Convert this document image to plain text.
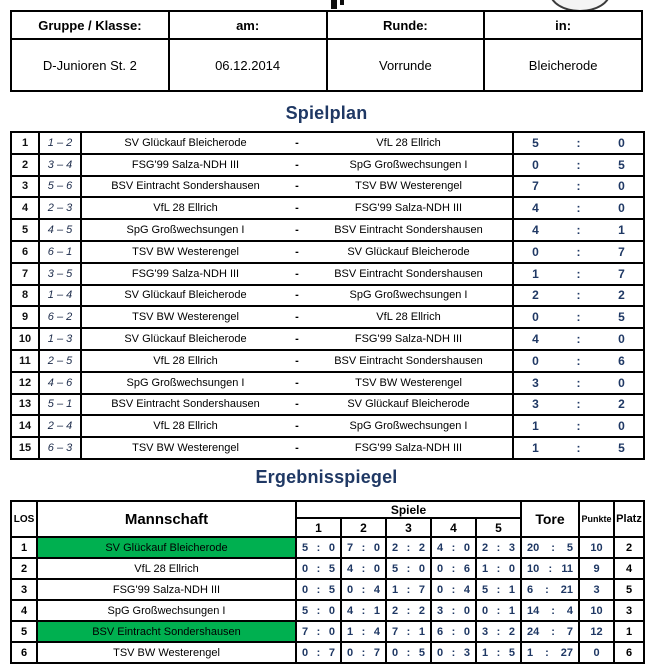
Gruppe / Klasse:	am:	Runde:	in:
D-Junioren St. 2	06.12.2014	Vorrunde	Bleicherode
Spielplan
1	1 – 2	SV Glückauf Bleicherode - VfL 28 Ellrich	5 : 0

2	3 – 4	FSG'99 Salza-NDH III - SpG Großwechsungen I	0 : 5

3	5 – 6	BSV Eintracht Sondershausen - TSV BW Westerengel	7 : 0

4	2 – 3	VfL 28 Ellrich - FSG'99 Salza-NDH III	4 : 0

5	4 – 5	SpG Großwechsungen I - BSV Eintracht Sondershausen	4 : 1

6	6 – 1	TSV BW Westerengel - SV Glückauf Bleicherode	0 : 7

7	3 – 5	FSG'99 Salza-NDH III - BSV Eintracht Sondershausen	1 : 7

8	1 – 4	SV Glückauf Bleicherode - SpG Großwechsungen I	2 : 2

9	6 – 2	TSV BW Westerengel - VfL 28 Ellrich	0 : 5

10	1 – 3	SV Glückauf Bleicherode - FSG'99 Salza-NDH III	4 : 0

11	2 – 5	VfL 28 Ellrich - BSV Eintracht Sondershausen	0 : 6

12	4 – 6	SpG Großwechsungen I - TSV BW Westerengel	3 : 0

13	5 – 1	BSV Eintracht Sondershausen - SV Glückauf Bleicherode	3 : 2

14	2 – 4	VfL 28 Ellrich - SpG Großwechsungen I	1 : 0

15	6 – 3	TSV BW Westerengel - FSG'99 Salza-NDH III	1 : 5
Ergebnisspiegel
LOS	Mannschaft	Spiele					Tore	Punkte	Platz
		1	2	3	4	5			
1	SV Glückauf Bleicherode	5 : 0	7 : 0	2 : 2	4 : 0	2 : 3	20 : 5	10	2
2	VfL 28 Ellrich	0 : 5	4 : 0	5 : 0	0 : 6	1 : 0	10 : 11	9	4
3	FSG'99 Salza-NDH III	0 : 5	0 : 4	1 : 7	0 : 4	5 : 1	6 : 21	3	5
4	SpG Großwechsungen I	5 : 0	4 : 1	2 : 2	3 : 0	0 : 1	14 : 4	10	3
5	BSV Eintracht Sondershausen	7 : 0	1 : 4	7 : 1	6 : 0	3 : 2	24 : 7	12	1
6	TSV BW Westerengel	0 : 7	0 : 7	0 : 5	0 : 3	1 : 5	1 : 27	0	6
